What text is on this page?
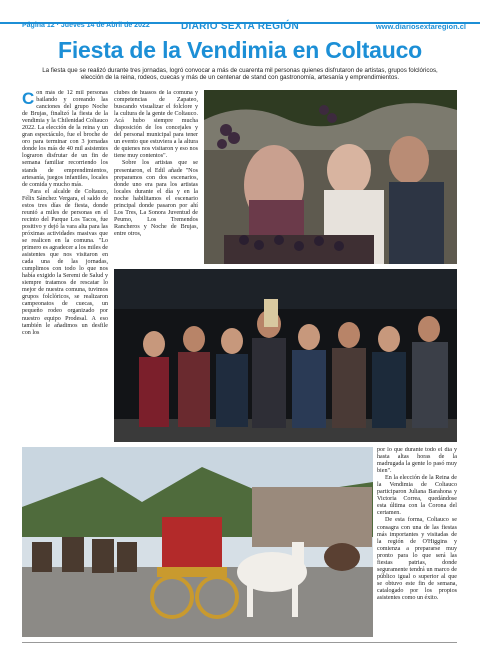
Página 12 · Jueves 14 de Abril de 2022	DIARIO SEXTA REGIÓN	www.diariosextaregion.cl
Fiesta de la Vendimia en Coltauco

La fiesta que se realizó durante tres jornadas, logró convocar a más de cuarenta mil personas quienes disfrutaron de artistas, grupos folclóricos, elección de la reina, rodeos, cuecas y más de un centenar de stand con gastronomía, artesanía y emprendimientos.

Con más de 12 mil personas bailando y coreando las canciones del grupo Noche de Brujas, finalizó la fiesta de la vendimia y la Chilenidad Coltauco 2022. La elección de la reina y un gran espectáculo, fue el broche de oro para terminar con 3 jornadas donde los más de 40 mil asistentes lograron disfrutar de un fin de semana familiar recorriendo los stands de emprendimientos, artesanía, juegos infantiles, locales de comida y mucho más.

Para el alcalde de Coltauco, Félix Sánchez Vergara, el saldo de estos tres días de fiesta, donde reunió a miles de personas en el recinto del Parque Los Tacos, fue positivo y dejó la vara alta para las próximas actividades masivas que se realicen en la comuna. "Lo primero es agradecer a los miles de asistentes que nos visitaron en cada una de las jornadas, cumplimos con todo lo que nos había exigido la Seremi de Salud y siempre tratamos de rescatar lo mejor de nuestra comuna, tuvimos grupos folclóricos, se realizaron campeonatos de cuecas, un pequeño rodeo organizado por nuestro equipo Prodesal. A eso también le añadimos un desfile con los

clubes de huasos de la comuna y competencias de Zapateo, buscando visualizar el folclore y la cultura de la gente de Coltauco. Acá hubo siempre mucha disposición de los concejales y del personal municipal para tener un evento que estuviera a la altura de quienes nos visitaron y eso nos tiene muy contentos".

Sobre los artistas que se presentaron, el Edil añade "Nos preparamos con dos escenarios, donde uno era para los artistas locales durante el día y en la noche habilitamos el escenario principal donde pasaron por ahí Los Tres, La Sonora Juventud de Peumo, Los Tremendos Rancheros y Noche de Brujas, entre otros,

por lo que durante todo el día y hasta altas horas de la madrugada la gente lo pasó muy bien".

En la elección de la Reina de la Vendimia de Coltauco participaron Juliana Barahona y Victoria Correa, quedándose esta última con la Corona del certamen.

De esta forma, Coltauco se consagra con una de las fiestas más importantes y visitadas de la región de O'Higgins y comienza a prepararse muy pronto para lo que será las fiestas patrias, donde seguramente tendrá un marco de público igual o superior al que se obtuvo este fin de semana, catalogado por los propios asistentes como un éxito.
